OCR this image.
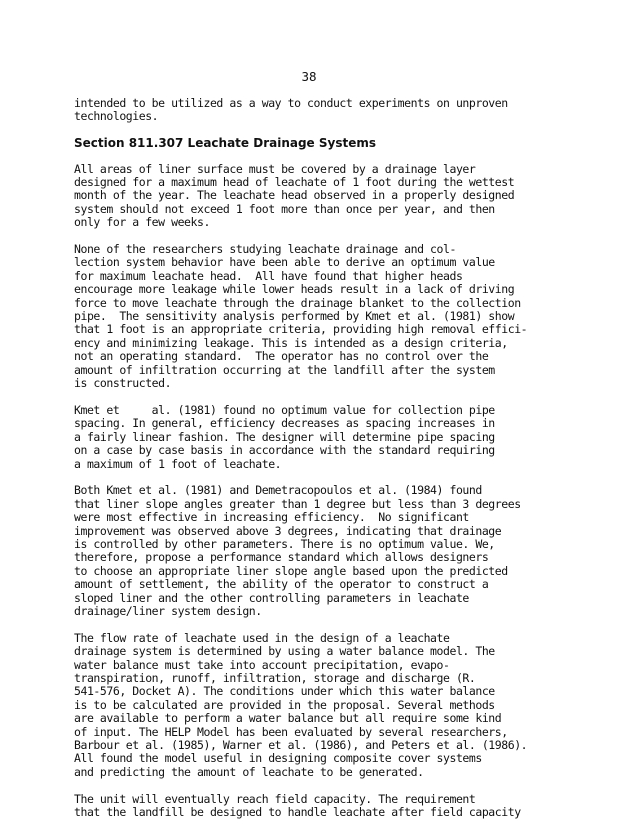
38
intended to be utilized as a way to conduct experiments on unproven
technologies.
Section 811.307 Leachate Drainage Systems
All areas of liner surface must be covered by a drainage layer
designed for a maximum head of leachate of 1 foot during the wettest
month of the year. The leachate head observed in a properly designed
system should not exceed 1 foot more than once per year, and then
only for a few weeks.
None of the researchers studying leachate drainage and col-
lection system behavior have been able to derive an optimum value
for maximum leachate head.  All have found that higher heads
encourage more leakage while lower heads result in a lack of driving
force to move leachate through the drainage blanket to the collection
pipe.  The sensitivity analysis performed by Kmet et al. (1981) show
that 1 foot is an appropriate criteria, providing high removal effici-
ency and minimizing leakage. This is intended as a design criteria,
not an operating standard.  The operator has no control over the
amount of infiltration occurring at the landfill after the system
is constructed.
Kmet et     al. (1981) found no optimum value for collection pipe
spacing. In general, efficiency decreases as spacing increases in
a fairly linear fashion. The designer will determine pipe spacing
on a case by case basis in accordance with the standard requiring
a maximum of 1 foot of leachate.
Both Kmet et al. (1981) and Demetracopoulos et al. (1984) found
that liner slope angles greater than 1 degree but less than 3 degrees
were most effective in increasing efficiency.  No significant
improvement was observed above 3 degrees, indicating that drainage
is controlled by other parameters. There is no optimum value. We,
therefore, propose a performance standard which allows designers
to choose an appropriate liner slope angle based upon the predicted
amount of settlement, the ability of the operator to construct a
sloped liner and the other controlling parameters in leachate
drainage/liner system design.
The flow rate of leachate used in the design of a leachate
drainage system is determined by using a water balance model. The
water balance must take into account precipitation, evapo-
transpiration, runoff, infiltration, storage and discharge (R.
541-576, Docket A). The conditions under which this water balance
is to be calculated are provided in the proposal. Several methods
are available to perform a water balance but all require some kind
of input. The HELP Model has been evaluated by several researchers,
Barbour et al. (1985), Warner et al. (1986), and Peters et al. (1986).
All found the model useful in designing composite cover systems
and predicting the amount of leachate to be generated.
The unit will eventually reach field capacity. The requirement
that the landfill be designed to handle leachate after field capacity
